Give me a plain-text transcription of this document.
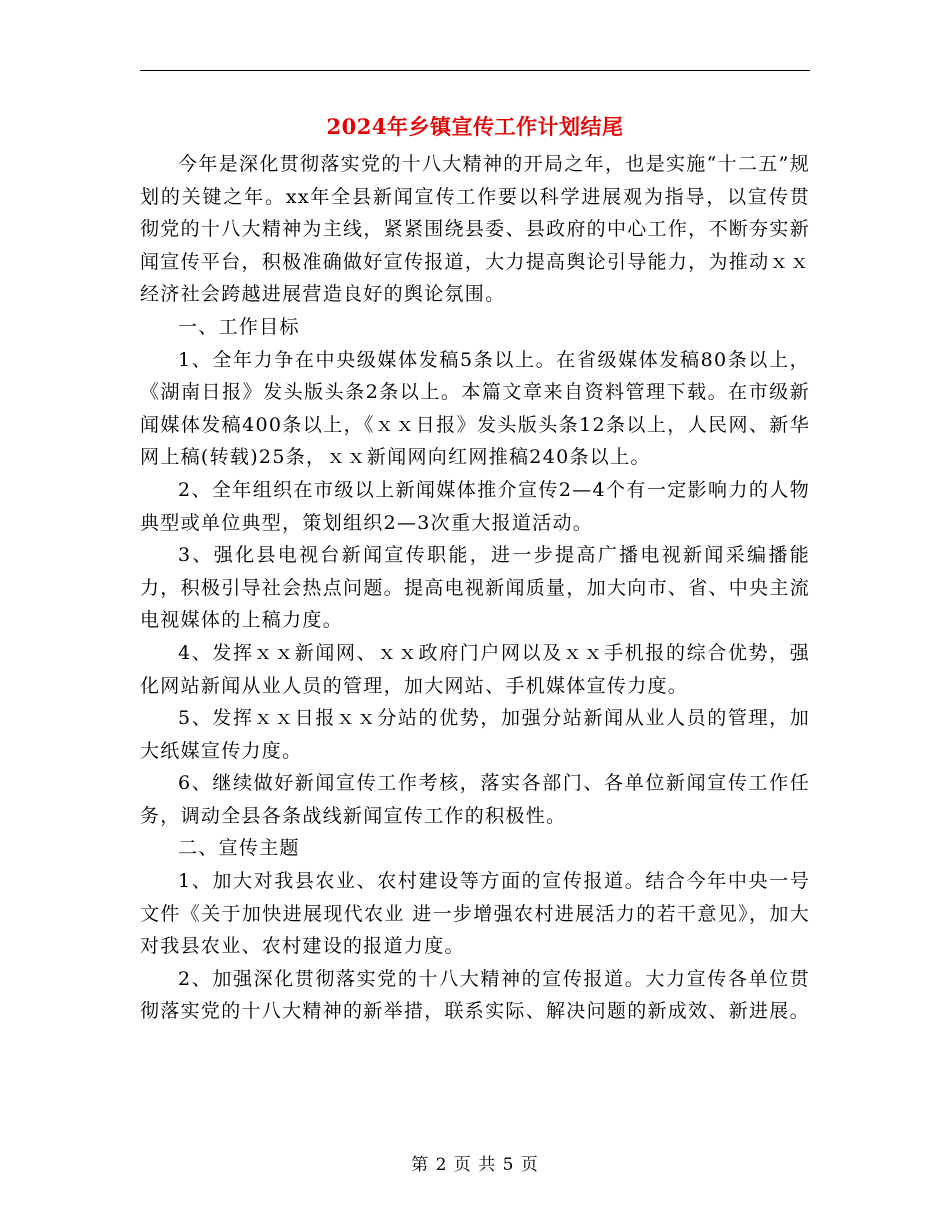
2024年乡镇宣传工作计划结尾

今年是深化贯彻落实党的十八大精神的开局之年，也是实施“十二五”规划的关键之年。xx年全县新闻宣传工作要以科学进展观为指导，以宣传贯彻党的十八大精神为主线，紧紧围绕县委、县政府的中心工作，不断夯实新闻宣传平台，积极准确做好宣传报道，大力提高舆论引导能力，为推动ｘｘ经济社会跨越进展营造良好的舆论氛围。

一、工作目标

1、全年力争在中央级媒体发稿5条以上。在省级媒体发稿80条以上，《湖南日报》发头版头条2条以上。本篇文章来自资料管理下载。在市级新闻媒体发稿400条以上，《ｘｘ日报》发头版头条12条以上，人民网、新华网上稿(转载)25条，ｘｘ新闻网向红网推稿240条以上。

2、全年组织在市级以上新闻媒体推介宣传2—4个有一定影响力的人物典型或单位典型，策划组织2—3次重大报道活动。

3、强化县电视台新闻宣传职能，进一步提高广播电视新闻采编播能力，积极引导社会热点问题。提高电视新闻质量，加大向市、省、中央主流电视媒体的上稿力度。

4、发挥ｘｘ新闻网、ｘｘ政府门户网以及ｘｘ手机报的综合优势，强化网站新闻从业人员的管理，加大网站、手机媒体宣传力度。

5、发挥ｘｘ日报ｘｘ分站的优势，加强分站新闻从业人员的管理，加大纸媒宣传力度。

6、继续做好新闻宣传工作考核，落实各部门、各单位新闻宣传工作任务，调动全县各条战线新闻宣传工作的积极性。

二、宣传主题

1、加大对我县农业、农村建设等方面的宣传报道。结合今年中央一号文件《关于加快进展现代农业 进一步增强农村进展活力的若干意见》，加大对我县农业、农村建设的报道力度。

2、加强深化贯彻落实党的十八大精神的宣传报道。大力宣传各单位贯彻落实党的十八大精神的新举措，联系实际、解决问题的新成效、新进展。

第 2 页 共 5 页
